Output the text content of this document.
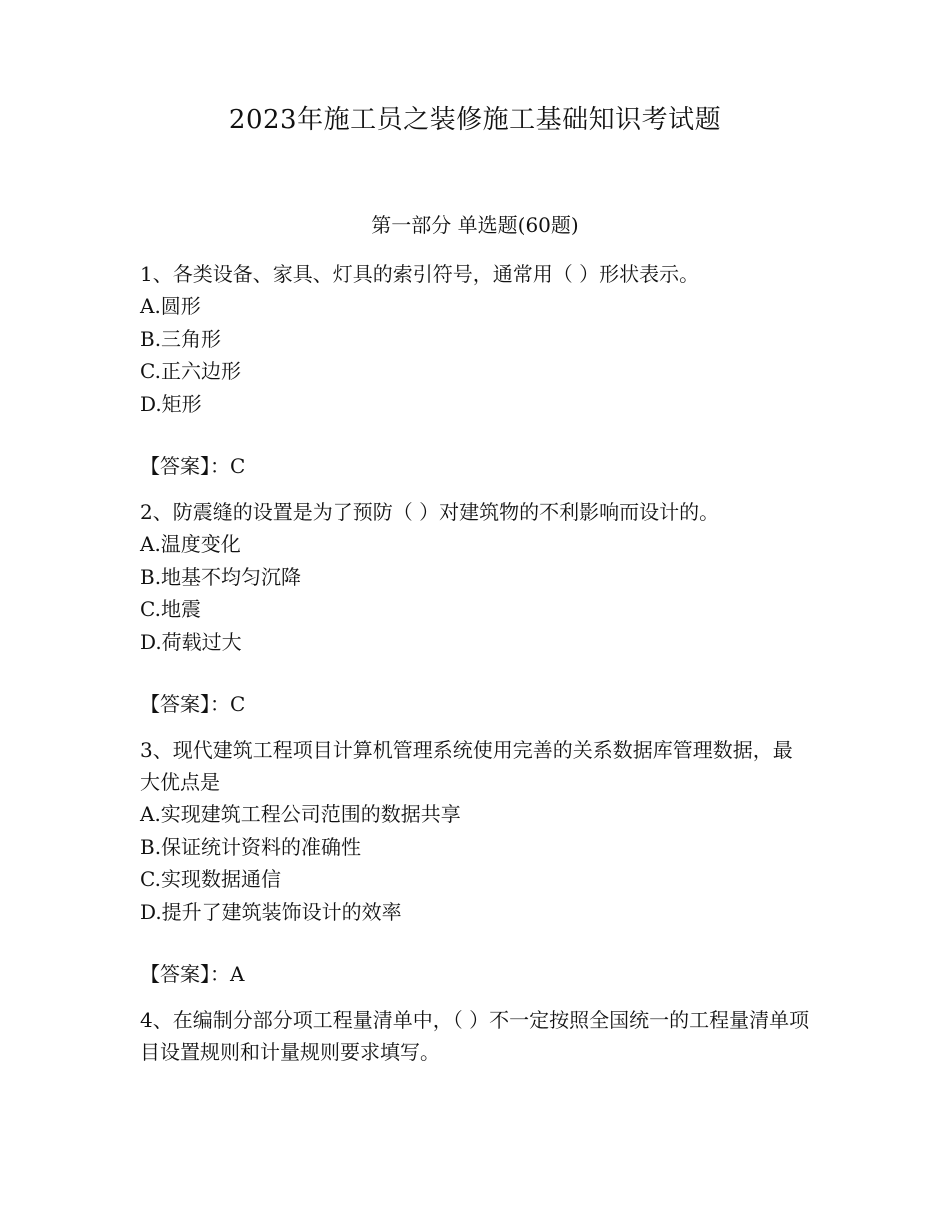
2023年施工员之装修施工基础知识考试题
第一部分 单选题(60题)

1、各类设备、家具、灯具的索引符号，通常用（ ）形状表示。

A.圆形

B.三角形

C.正六边形

D.矩形

【答案】：C

2、防震缝的设置是为了预防（ ）对建筑物的不利影响而设计的。

A.温度变化

B.地基不均匀沉降

C.地震

D.荷载过大

【答案】：C

3、现代建筑工程项目计算机管理系统使用完善的关系数据库管理数据，最大优点是

A.实现建筑工程公司范围的数据共享

B.保证统计资料的准确性

C.实现数据通信

D.提升了建筑装饰设计的效率

【答案】：A

4、在编制分部分项工程量清单中，（ ）不一定按照全国统一的工程量清单项目设置规则和计量规则要求填写。
